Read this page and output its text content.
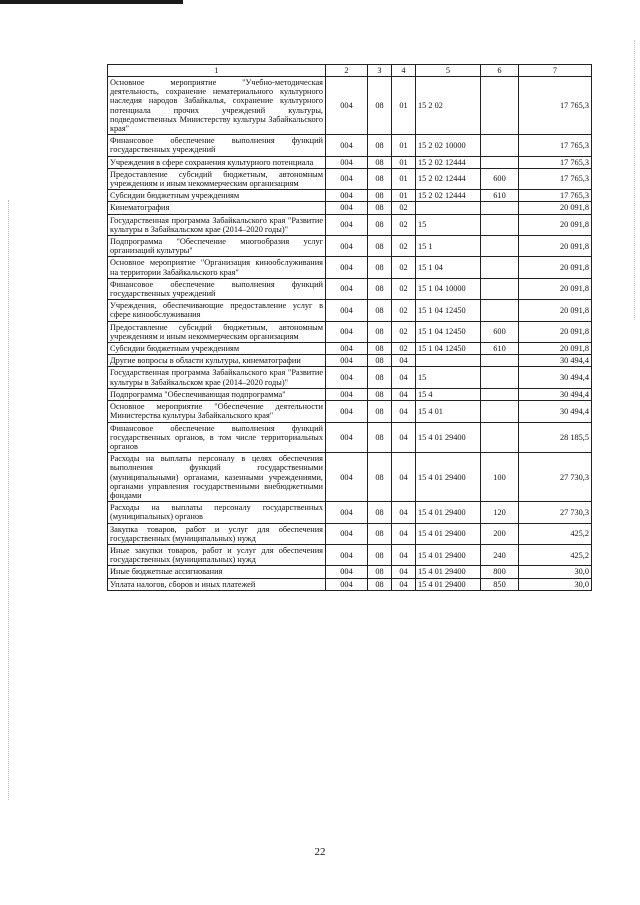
1	2	3	4	5	6	7
Основное мероприятие "Учебно-методическая деятельность, сохранение нематериального культурного наследия народов Забайкалья, сохранение культурного потенциала прочих учреждений культуры, подведомственных Министерству культуры Забайкальского края"	004	08	01	15 2 02		17 765,3
Финансовое обеспечение выполнения функций государственных учреждений	004	08	01	15 2 02 10000		17 765,3
Учреждения в сфере сохранения культурного потенциала	004	08	01	15 2 02 12444		17 765,3
Предоставление субсидий бюджетным, автономным учреждениям и иным некоммерческим организациям	004	08	01	15 2 02 12444	600	17 765,3
Субсидии бюджетным учреждениям	004	08	01	15 2 02 12444	610	17 765,3
Кинематография	004	08	02			20 091,8
Государственная программа Забайкальского края "Развитие культуры в Забайкальском крае (2014–2020 годы)"	004	08	02	15		20 091,8
Подпрограмма "Обеспечение многообразия услуг организаций культуры"	004	08	02	15 1		20 091,8
Основное мероприятие "Организация кинообслуживания на территории Забайкальского края"	004	08	02	15 1 04		20 091,8
Финансовое обеспечение выполнения функций государственных учреждений	004	08	02	15 1 04 10000		20 091,8
Учреждения, обеспечивающие предоставление услуг в сфере кинообслуживания	004	08	02	15 1 04 12450		20 091,8
Предоставление субсидий бюджетным, автономным учреждениям и иным некоммерческим организациям	004	08	02	15 1 04 12450	600	20 091,8
Субсидии бюджетным учреждениям	004	08	02	15 1 04 12450	610	20 091,8
Другие вопросы в области культуры, кинематографии	004	08	04			30 494,4
Государственная программа Забайкальского края "Развитие культуры в Забайкальском крае (2014–2020 годы)"	004	08	04	15		30 494,4
Подпрограмма "Обеспечивающая подпрограмма"	004	08	04	15 4		30 494,4
Основное мероприятие "Обеспечение деятельности Министерства культуры Забайкальского края"	004	08	04	15 4 01		30 494,4
Финансовое обеспечение выполнения функций государственных органов, в том числе территориальных органов	004	08	04	15 4 01 29400		28 185,5
Расходы на выплаты персоналу в целях обеспечения выполнения функций государственными (муниципальными) органами, казенными учреждениями, органами управления государственными внебюджетными фондами	004	08	04	15 4 01 29400	100	27 730,3
Расходы на выплаты персоналу государственных (муниципальных) органов	004	08	04	15 4 01 29400	120	27 730,3
Закупка товаров, работ и услуг для обеспечения государственных (муниципальных) нужд	004	08	04	15 4 01 29400	200	425,2
Иные закупки товаров, работ и услуг для обеспечения государственных (муниципальных) нужд	004	08	04	15 4 01 29400	240	425,2
Иные бюджетные ассигнования	004	08	04	15 4 01 29400	800	30,0
Уплата налогов, сборов и иных платежей	004	08	04	15 4 01 29400	850	30,0
22
